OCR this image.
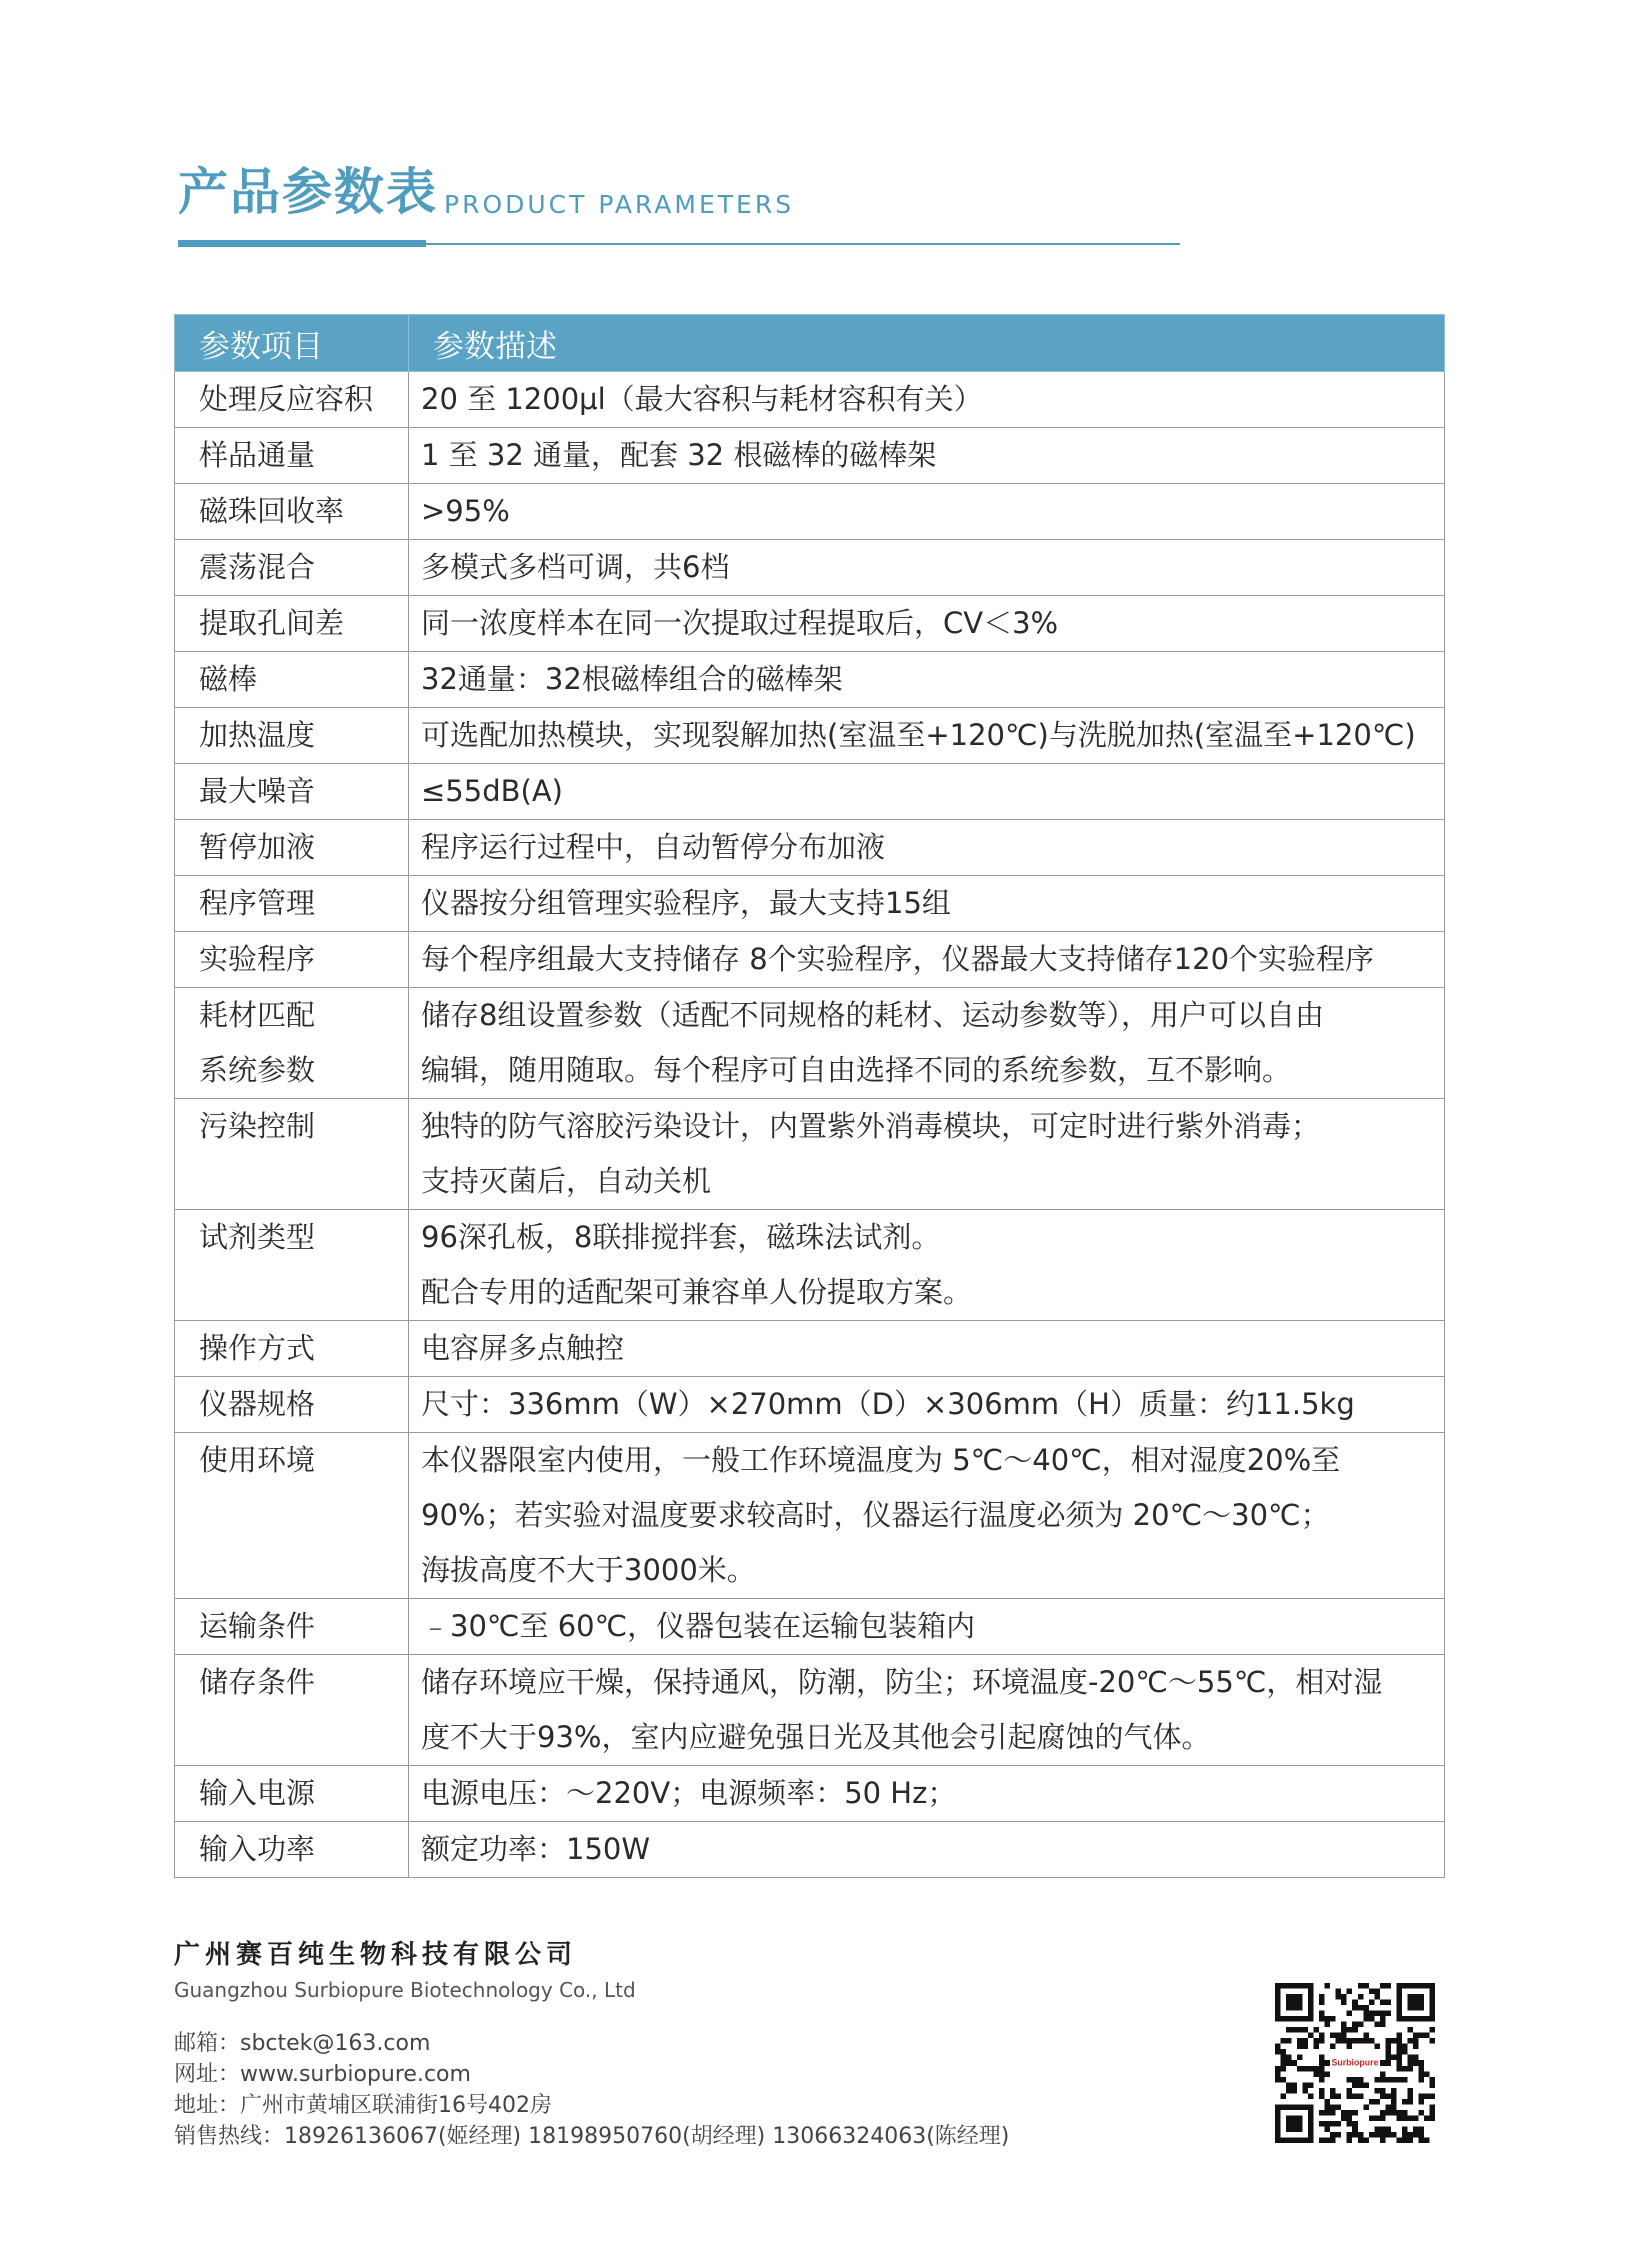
产品参数表 PRODUCT PARAMETERS
参数项目	参数描述

处理反应容积	20 至 1200μl（最大容积与耗材容积有关）

样品通量	1 至 32 通量，配套 32 根磁棒的磁棒架

磁珠回收率	>95%

震荡混合	多模式多档可调，共6档

提取孔间差	同一浓度样本在同一次提取过程提取后，CV＜3%

磁棒	32通量：32根磁棒组合的磁棒架

加热温度	可选配加热模块，实现裂解加热(室温至+120℃)与洗脱加热(室温至+120℃)

最大噪音	≤55dB(A)

暂停加液	程序运行过程中，自动暂停分布加液

程序管理	仪器按分组管理实验程序，最大支持15组

实验程序	每个程序组最大支持储存 8个实验程序，仪器最大支持储存120个实验程序

耗材匹配
系统参数	储存8组设置参数（适配不同规格的耗材、运动参数等），用户可以自由
编辑，随用随取。每个程序可自由选择不同的系统参数，互不影响。

污染控制	独特的防气溶胶污染设计，内置紫外消毒模块，可定时进行紫外消毒；
支持灭菌后，自动关机

试剂类型	96深孔板，8联排搅拌套，磁珠法试剂。
配合专用的适配架可兼容单人份提取方案。

操作方式	电容屏多点触控

仪器规格	尺寸：336mm（W）×270mm（D）×306mm（H）质量：约11.5kg

使用环境	本仪器限室内使用，一般工作环境温度为 5℃～40℃，相对湿度20%至
90%；若实验对温度要求较高时，仪器运行温度必须为 20℃～30℃；
海拔高度不大于3000米。

运输条件	﹣30℃至 60℃，仪器包装在运输包装箱内

储存条件	储存环境应干燥，保持通风，防潮，防尘；环境温度-20℃～55℃，相对湿
度不大于93%，室内应避免强日光及其他会引起腐蚀的气体。

输入电源	电源电压：～220V；电源频率：50 Hz；

输入功率	额定功率：150W
广州赛百纯生物科技有限公司
Guangzhou Surbiopure Biotechnology Co., Ltd
邮箱：sbctek@163.com
网址：www.surbiopure.com
地址：广州市黄埔区联浦街16号402房
销售热线：18926136067(姬经理) 18198950760(胡经理) 13066324063(陈经理)
Surbiopure
